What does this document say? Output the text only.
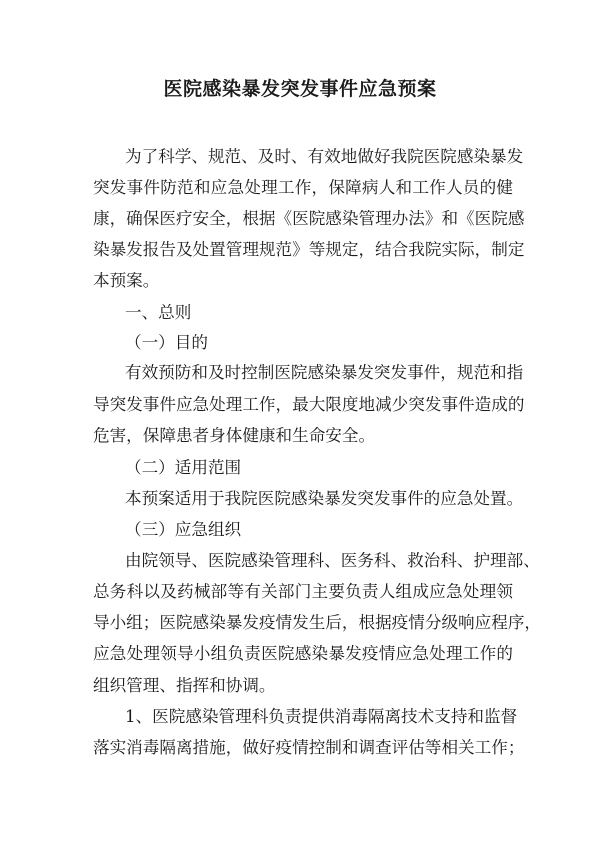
医院感染暴发突发事件应急预案
为了科学、规范、及时、有效地做好我院医院感染暴发
突发事件防范和应急处理工作，保障病人和工作人员的健
康，确保医疗安全，根据《医院感染管理办法》和《医院感
染暴发报告及处置管理规范》等规定，结合我院实际，制定
本预案。
一、总则
（一）目的
有效预防和及时控制医院感染暴发突发事件，规范和指
导突发事件应急处理工作，最大限度地减少突发事件造成的
危害，保障患者身体健康和生命安全。
（二）适用范围
本预案适用于我院医院感染暴发突发事件的应急处置。
（三）应急组织
由院领导、医院感染管理科、医务科、救治科、护理部、
总务科以及药械部等有关部门主要负责人组成应急处理领
导小组；医院感染暴发疫情发生后，根据疫情分级响应程序，
应急处理领导小组负责医院感染暴发疫情应急处理工作的
组织管理、指挥和协调。
1、医院感染管理科负责提供消毒隔离技术支持和监督
落实消毒隔离措施，做好疫情控制和调查评估等相关工作；
